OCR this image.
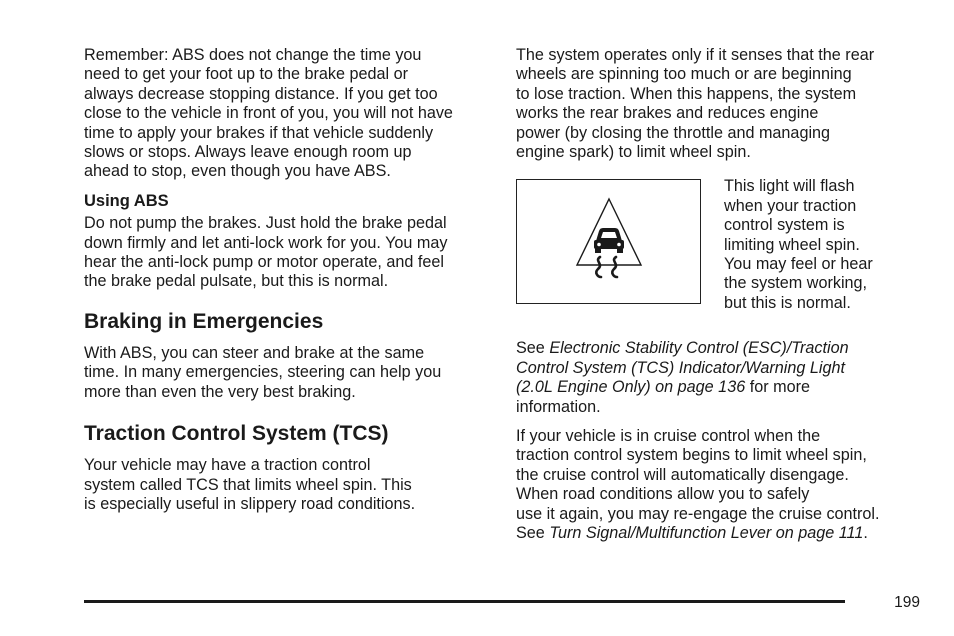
Remember: ABS does not change the time you
need to get your foot up to the brake pedal or
always decrease stopping distance. If you get too
close to the vehicle in front of you, you will not have
time to apply your brakes if that vehicle suddenly
slows or stops. Always leave enough room up
ahead to stop, even though you have ABS.

Using ABS

Do not pump the brakes. Just hold the brake pedal
down firmly and let anti-lock work for you. You may
hear the anti-lock pump or motor operate, and feel
the brake pedal pulsate, but this is normal.

Braking in Emergencies

With ABS, you can steer and brake at the same
time. In many emergencies, steering can help you
more than even the very best braking.

Traction Control System (TCS)

Your vehicle may have a traction control
system called TCS that limits wheel spin. This
is especially useful in slippery road conditions.

The system operates only if it senses that the rear
wheels are spinning too much or are beginning
to lose traction. When this happens, the system
works the rear brakes and reduces engine
power (by closing the throttle and managing
engine spark) to limit wheel spin.

This light will flash
when your traction
control system is
limiting wheel spin.
You may feel or hear
the system working,
but this is normal.

See Electronic Stability Control (ESC)/Traction
Control System (TCS) Indicator/Warning Light
(2.0L Engine Only) on page 136 for more
information.

If your vehicle is in cruise control when the
traction control system begins to limit wheel spin,
the cruise control will automatically disengage.
When road conditions allow you to safely
use it again, you may re-engage the cruise control.
See Turn Signal/Multifunction Lever on page 111.

199
